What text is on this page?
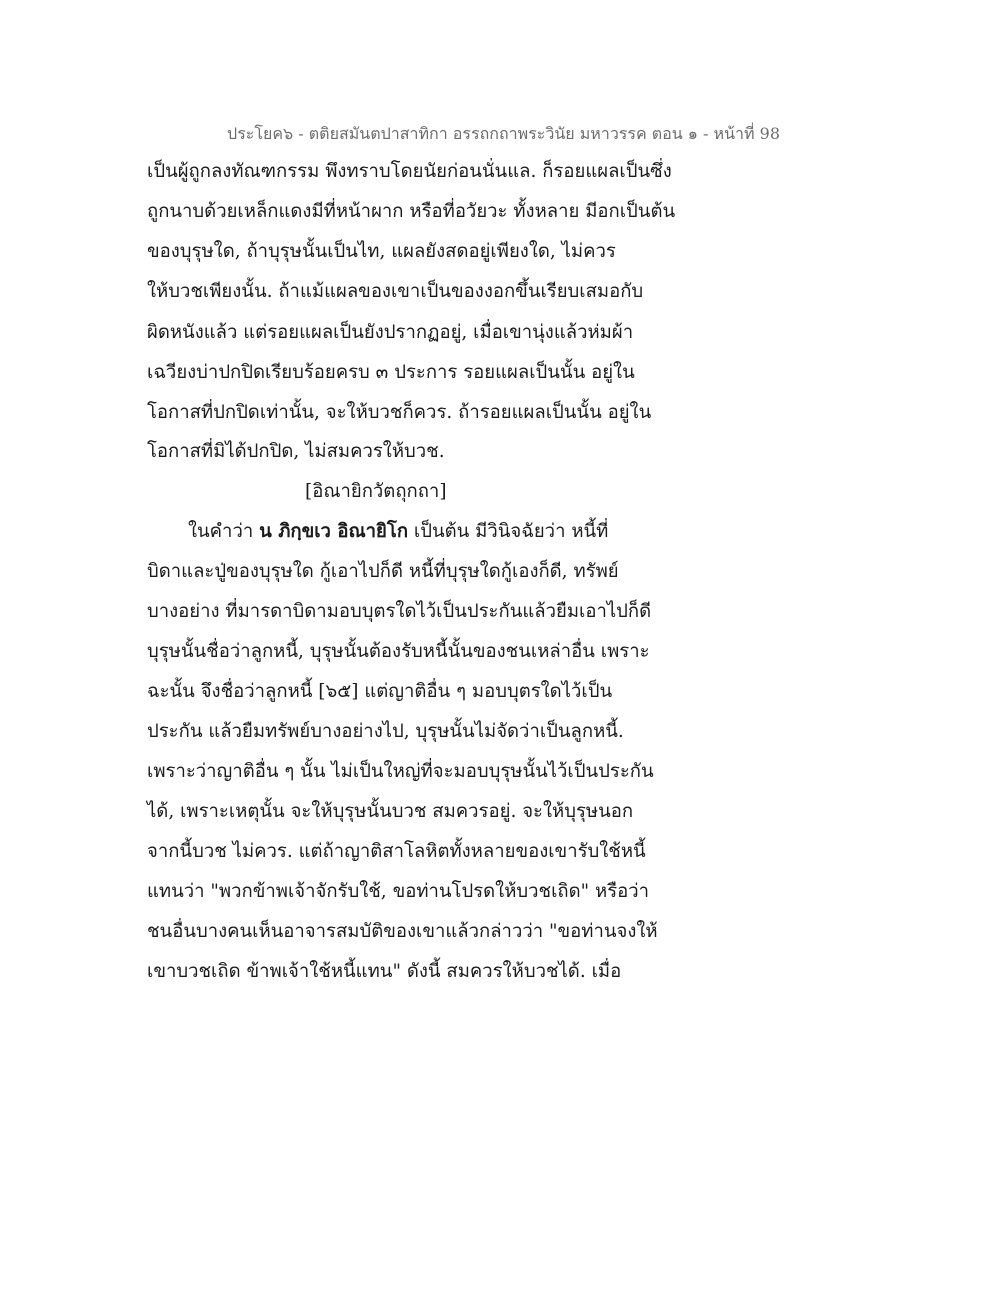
ประโยค๖ - ตติยสมันตปาสาทิกา อรรถกถาพระวินัย มหาวรรค ตอน ๑ - หน้าที่ 98
เป็นผู้ถูกลงทัณฑกรรม พึงทราบโดยนัยก่อนนั่นแล. ก็รอยแผลเป็นซึ่ง
ถูกนาบด้วยเหล็กแดงมีที่หน้าผาก หรือที่อวัยวะ ทั้งหลาย มีอกเป็นต้น
ของบุรุษใด, ถ้าบุรุษนั้นเป็นไท, แผลยังสดอยู่เพียงใด, ไม่ควร
ให้บวชเพียงนั้น. ถ้าแม้แผลของเขาเป็นของงอกขึ้นเรียบเสมอกับ
ผิดหนังแล้ว แต่รอยแผลเป็นยังปรากฏอยู่, เมื่อเขานุ่งแล้วห่มผ้า
เฉวียงบ่าปกปิดเรียบร้อยครบ ๓ ประการ รอยแผลเป็นนั้น อยู่ใน
โอกาสที่ปกปิดเท่านั้น, จะให้บวชก็ควร. ถ้ารอยแผลเป็นนั้น อยู่ใน
โอกาสที่มิได้ปกปิด, ไม่สมควรให้บวช.
[อิณายิกวัตถุกถา]
ในคำว่า น ภิกฺขเว อิณายิโก เป็นต้น มีวินิจฉัยว่า หนี้ที่
บิดาและปู่ของบุรุษใด กู้เอาไปก็ดี หนี้ที่บุรุษใดกู้เองก็ดี, ทรัพย์
บางอย่าง ที่มารดาบิดามอบบุตรใดไว้เป็นประกันแล้วยืมเอาไปก็ดี
บุรุษนั้นชื่อว่าลูกหนี้, บุรุษนั้นต้องรับหนี้นั้นของชนเหล่าอื่น เพราะ
ฉะนั้น จึงชื่อว่าลูกหนี้ [๖๕] แต่ญาติอื่น ๆ มอบบุตรใดไว้เป็น
ประกัน แล้วยืมทรัพย์บางอย่างไป, บุรุษนั้นไม่จัดว่าเป็นลูกหนี้.
เพราะว่าญาติอื่น ๆ นั้น ไม่เป็นใหญ่ที่จะมอบบุรุษนั้นไว้เป็นประกัน
ได้, เพราะเหตุนั้น จะให้บุรุษนั้นบวช สมควรอยู่. จะให้บุรุษนอก
จากนี้บวช ไม่ควร. แต่ถ้าญาติสาโลหิตทั้งหลายของเขารับใช้หนี้
แทนว่า "พวกข้าพเจ้าจักรับใช้, ขอท่านโปรดให้บวชเถิด" หรือว่า
ชนอื่นบางคนเห็นอาจารสมบัติของเขาแล้วกล่าวว่า "ขอท่านจงให้
เขาบวชเถิด ข้าพเจ้าใช้หนี้แทน" ดังนี้ สมควรให้บวชได้. เมื่อ
